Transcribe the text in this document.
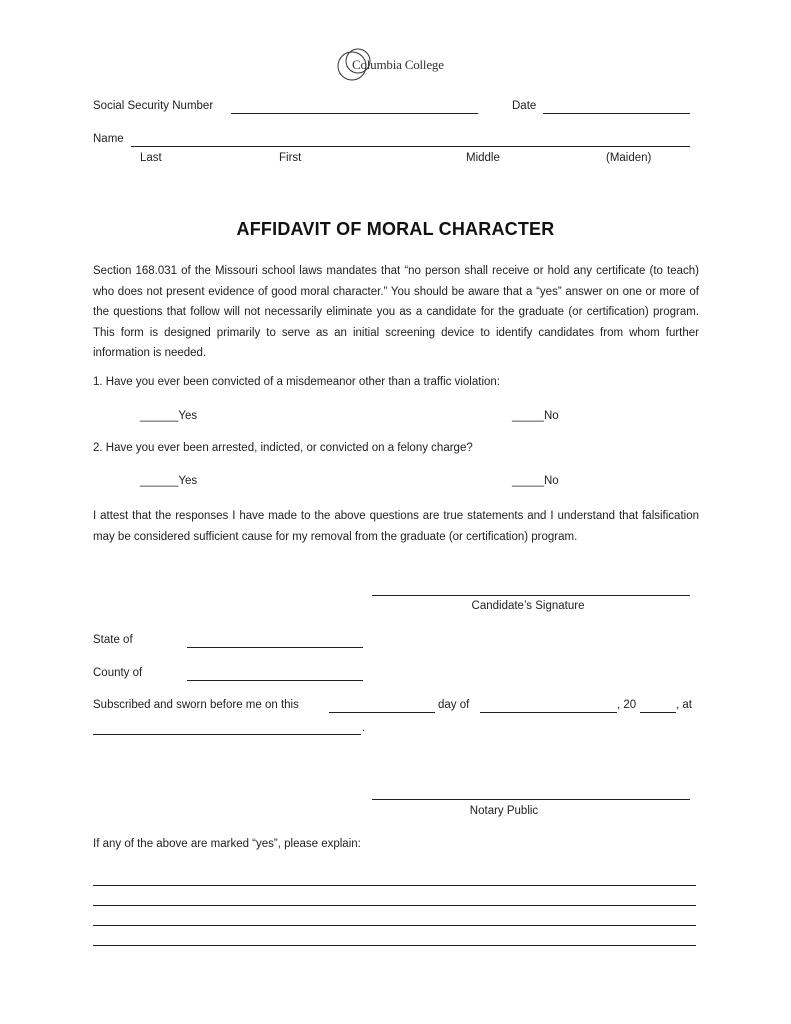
Columbia College
Social Security Number	Date
Name
Last	First	Middle	(Maiden)
AFFIDAVIT OF MORAL CHARACTER
Section 168.031 of the Missouri school laws mandates that “no person shall receive or hold any certificate (to teach) who does not present evidence of good moral character.” You should be aware that a “yes” answer on one or more of the questions that follow will not necessarily eliminate you as a candidate for the graduate (or certification) program. This form is designed primarily to serve as an initial screening device to identify candidates from whom further information is needed.
1. Have you ever been convicted of a misdemeanor other than a traffic violation:
______Yes	_____No
2. Have you ever been arrested, indicted, or convicted on a felony charge?
______Yes	_____No
I attest that the responses I have made to the above questions are true statements and I understand that falsification may be considered sufficient cause for my removal from the graduate (or certification) program.
Candidate’s Signature
State of
County of
Subscribed and sworn before me on this	day of	, 20	, at
.
Notary Public
If any of the above are marked “yes”, please explain:
